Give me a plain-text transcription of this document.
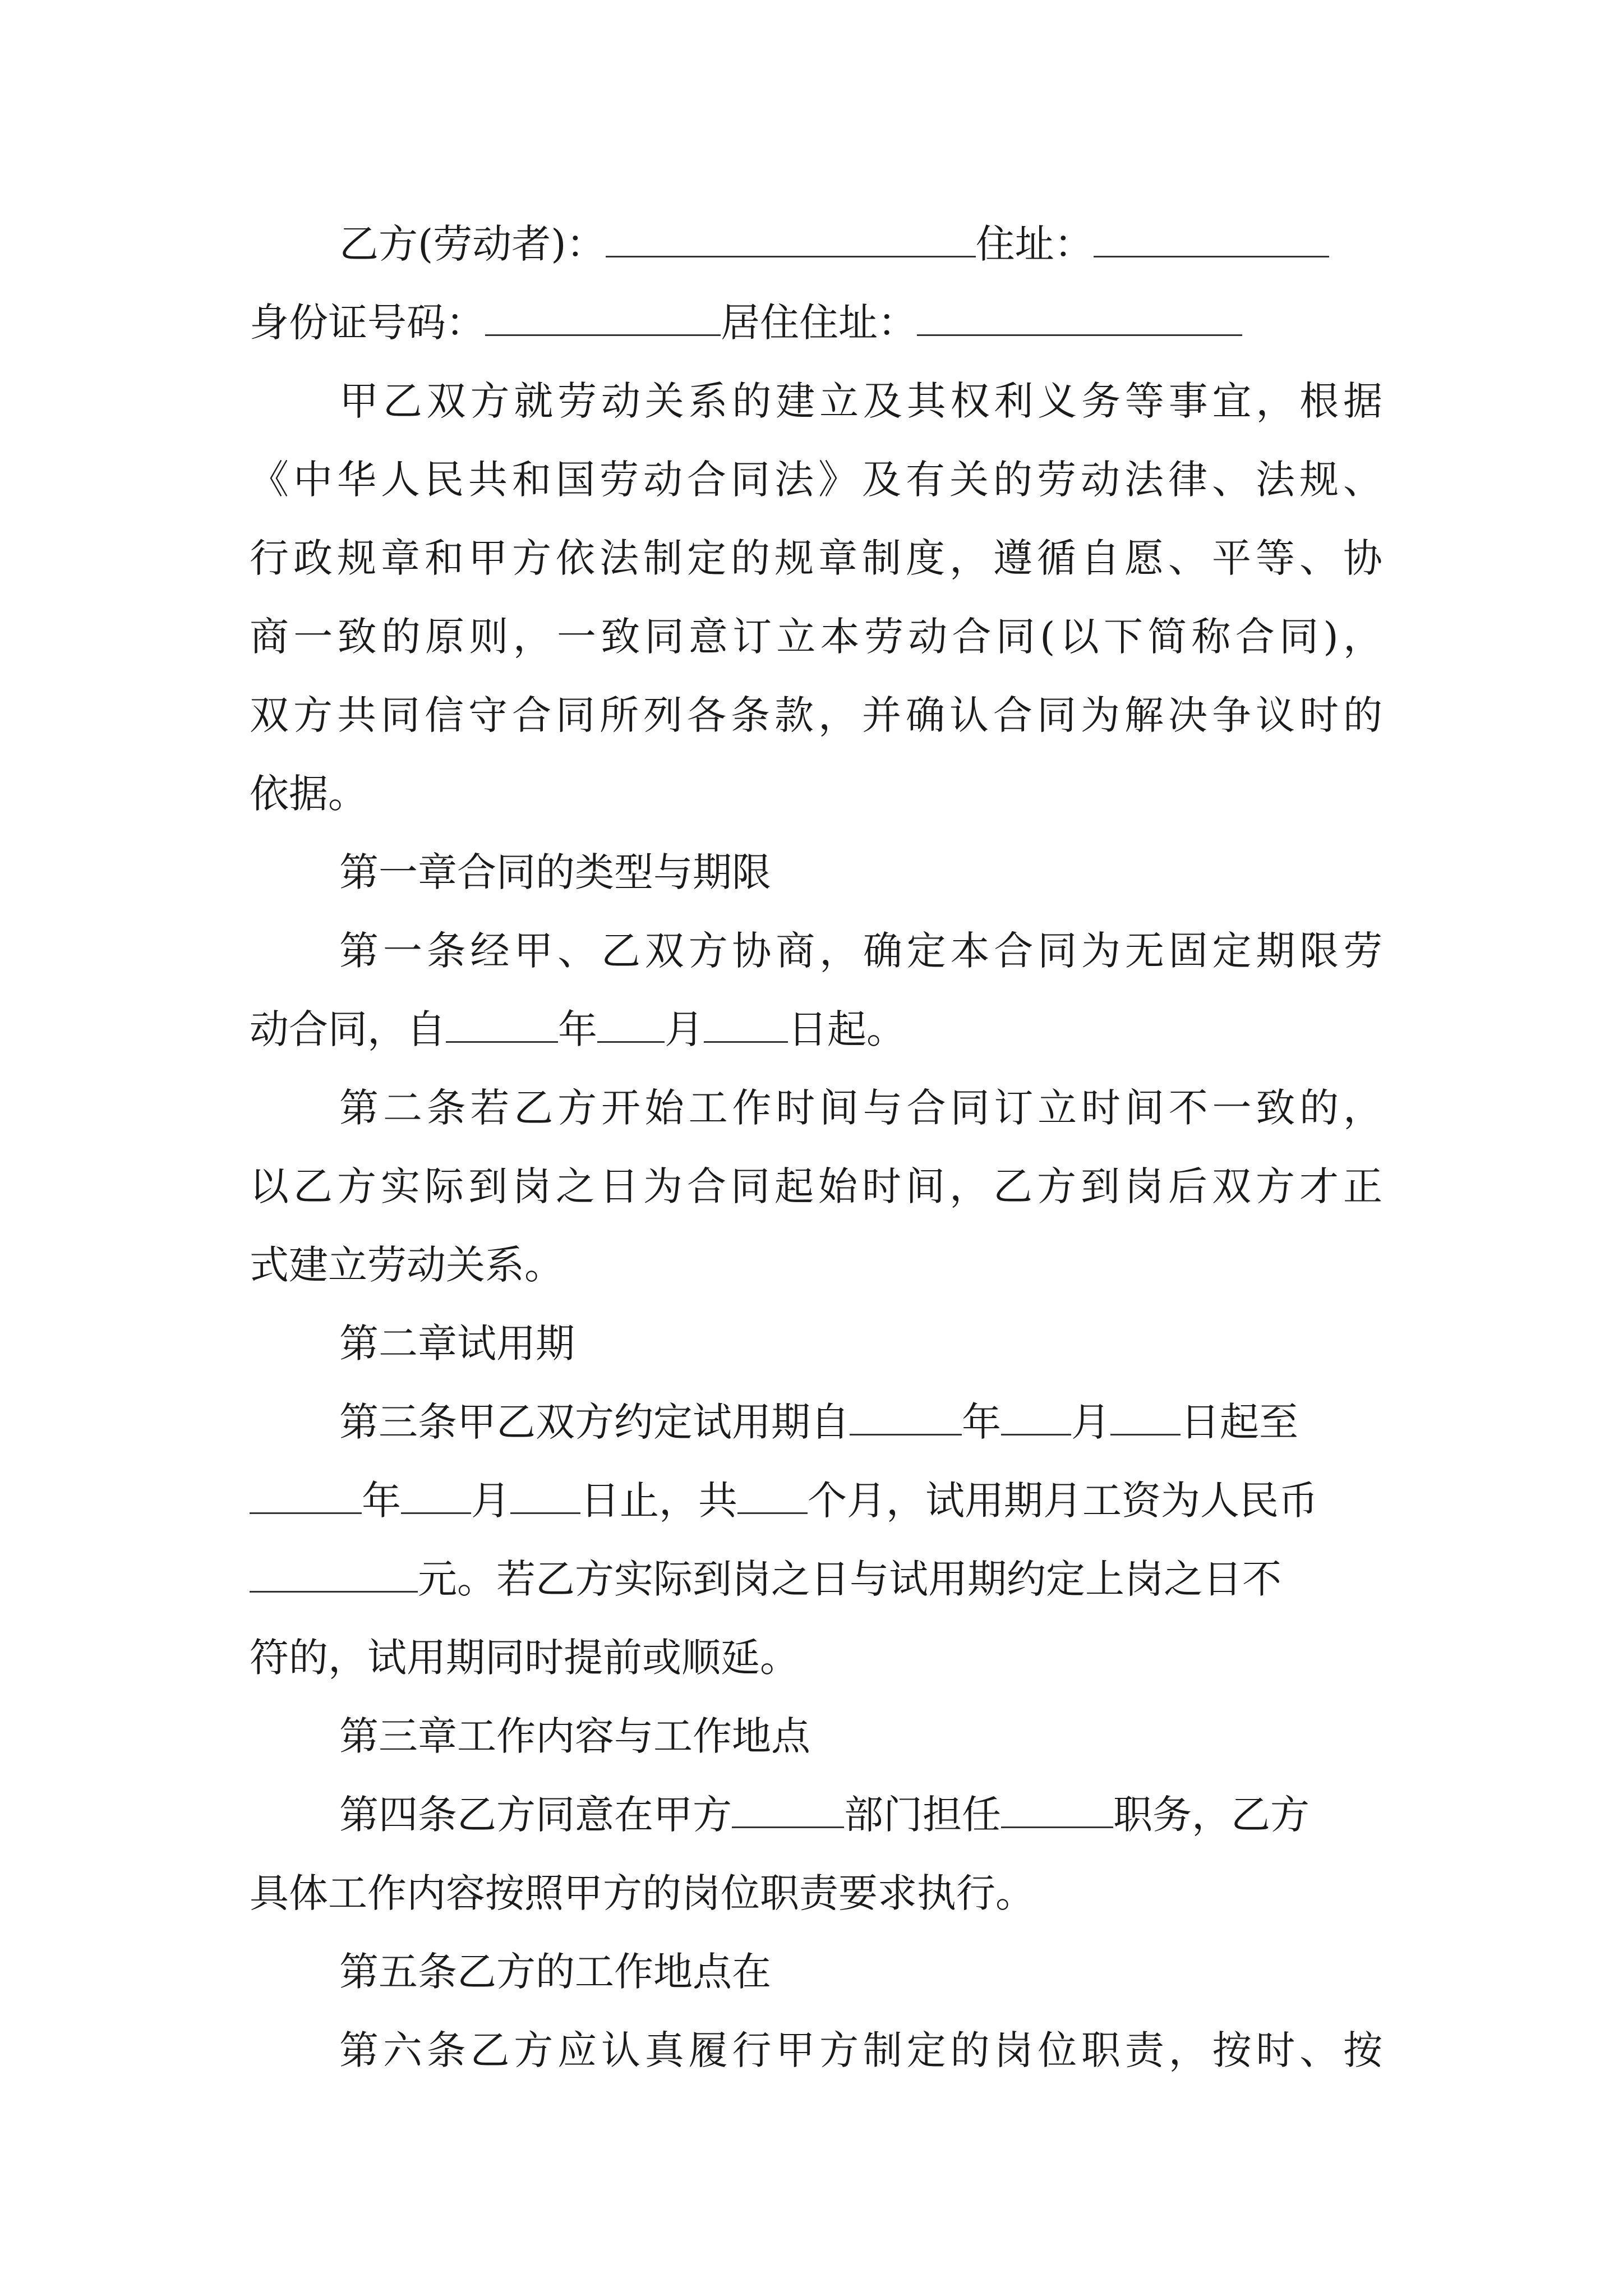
乙方(劳动者)：	住址：
身份证号码：	居住住址：
甲乙双方就劳动关系的建立及其权利义务等事宜，根据
《中华人民共和国劳动合同法》及有关的劳动法律、法规、
行政规章和甲方依法制定的规章制度，遵循自愿、平等、协
商一致的原则，一致同意订立本劳动合同(以下简称合同)，
双方共同信守合同所列各条款，并确认合同为解决争议时的
依据。
第一章合同的类型与期限
第一条经甲、乙双方协商，确定本合同为无固定期限劳
动合同，自	年 月 日起。
第二条若乙方开始工作时间与合同订立时间不一致的，
以乙方实际到岗之日为合同起始时间，乙方到岗后双方才正
式建立劳动关系。
第二章试用期
第三条甲乙双方约定试用期自	年 月 日起至
年 月 日止，共 个月，试用期月工资为人民币
元。若乙方实际到岗之日与试用期约定上岗之日不
符的，试用期同时提前或顺延。
第三章工作内容与工作地点
第四条乙方同意在甲方	部门担任	职务，乙方
具体工作内容按照甲方的岗位职责要求执行。
第五条乙方的工作地点在
第六条乙方应认真履行甲方制定的岗位职责，按时、按
